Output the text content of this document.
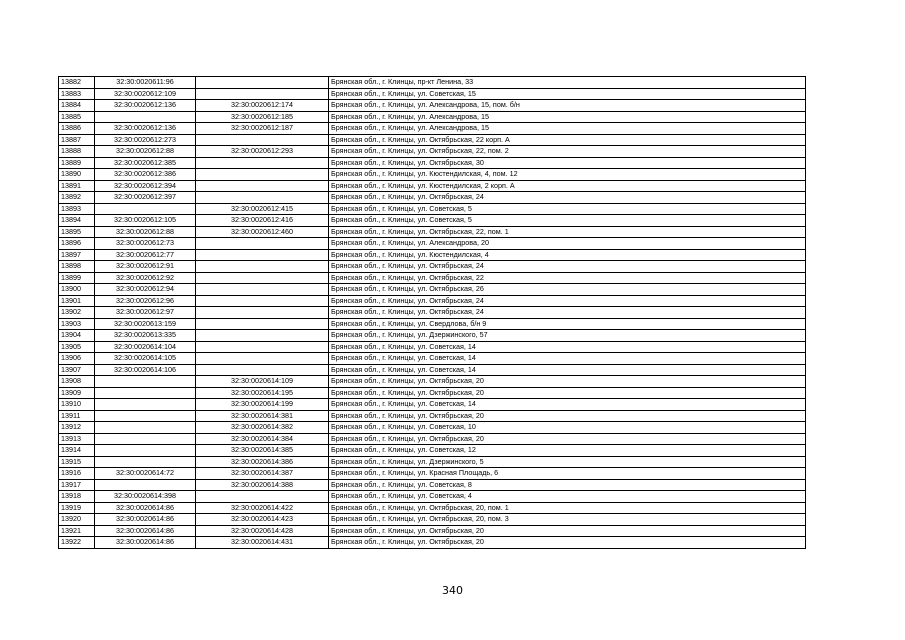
13882	32:30:0020611:96		Брянская обл., г. Клинцы, пр-кт Ленина, 33
13883	32:30:0020612:109		Брянская обл., г. Клинцы, ул. Советская, 15
13884	32:30:0020612:136	32:30:0020612:174	Брянская обл., г. Клинцы, ул. Александрова, 15, пом. б/н
13885		32:30:0020612:185	Брянская обл., г. Клинцы, ул. Александрова, 15
13886	32:30:0020612:136	32:30:0020612:187	Брянская обл., г. Клинцы, ул. Александрова, 15
13887	32:30:0020612:273		Брянская обл., г. Клинцы, ул. Октябрьская, 22 корп. А
13888	32:30:0020612:88	32:30:0020612:293	Брянская обл., г. Клинцы, ул. Октябрьская, 22, пом. 2
13889	32:30:0020612:385		Брянская обл., г. Клинцы, ул. Октябрьская, 30
13890	32:30:0020612:386		Брянская обл., г. Клинцы, ул. Кюстендилская, 4, пом. 12
13891	32:30:0020612:394		Брянская обл., г. Клинцы, ул. Кюстендилская, 2 корп. А
13892	32:30:0020612:397		Брянская обл., г. Клинцы, ул. Октябрьская, 24
13893		32:30:0020612:415	Брянская обл., г. Клинцы, ул. Советская, 5
13894	32:30:0020612:105	32:30:0020612:416	Брянская обл., г. Клинцы, ул. Советская, 5
13895	32:30:0020612:88	32:30:0020612:460	Брянская обл., г. Клинцы, ул. Октябрьская, 22, пом. 1
13896	32:30:0020612:73		Брянская обл., г. Клинцы, ул. Александрова, 20
13897	32:30:0020612:77		Брянская обл., г. Клинцы, ул. Кюстендилская, 4
13898	32:30:0020612:91		Брянская обл., г. Клинцы, ул. Октябрьская, 24
13899	32:30:0020612:92		Брянская обл., г. Клинцы, ул. Октябрьская, 22
13900	32:30:0020612:94		Брянская обл., г. Клинцы, ул. Октябрьская, 26
13901	32:30:0020612:96		Брянская обл., г. Клинцы, ул. Октябрьская, 24
13902	32:30:0020612:97		Брянская обл., г. Клинцы, ул. Октябрьская, 24
13903	32:30:0020613:159		Брянская обл., г. Клинцы, ул. Свердлова, б/н 9
13904	32:30:0020613:335		Брянская обл., г. Клинцы, ул. Дзержинского, 57
13905	32:30:0020614:104		Брянская обл., г. Клинцы, ул. Советская, 14
13906	32:30:0020614:105		Брянская обл., г. Клинцы, ул. Советская, 14
13907	32:30:0020614:106		Брянская обл., г. Клинцы, ул. Советская, 14
13908		32:30:0020614:109	Брянская обл., г. Клинцы, ул. Октябрьская, 20
13909		32:30:0020614:195	Брянская обл., г. Клинцы, ул. Октябрьская, 20
13910		32:30:0020614:199	Брянская обл., г. Клинцы, ул. Советская, 14
13911		32:30:0020614:381	Брянская обл., г. Клинцы, ул. Октябрьская, 20
13912		32:30:0020614:382	Брянская обл., г. Клинцы, ул. Советская, 10
13913		32:30:0020614:384	Брянская обл., г. Клинцы, ул. Октябрьская, 20
13914		32:30:0020614:385	Брянская обл., г. Клинцы, ул. Советская, 12
13915		32:30:0020614:386	Брянская обл., г. Клинцы, ул. Дзержинского, 5
13916	32:30:0020614:72	32:30:0020614:387	Брянская обл., г. Клинцы, ул. Красная Площадь, 6
13917		32:30:0020614:388	Брянская обл., г. Клинцы, ул. Советская, 8
13918	32:30:0020614:398		Брянская обл., г. Клинцы, ул. Советская, 4
13919	32:30:0020614:86	32:30:0020614:422	Брянская обл., г. Клинцы, ул. Октябрьская, 20, пом. 1
13920	32:30:0020614:86	32:30:0020614:423	Брянская обл., г. Клинцы, ул. Октябрьская, 20, пом. 3
13921	32:30:0020614:86	32:30:0020614:428	Брянская обл., г. Клинцы, ул. Октябрьская, 20
13922	32:30:0020614:86	32:30:0020614:431	Брянская обл., г. Клинцы, ул. Октябрьская, 20
340
